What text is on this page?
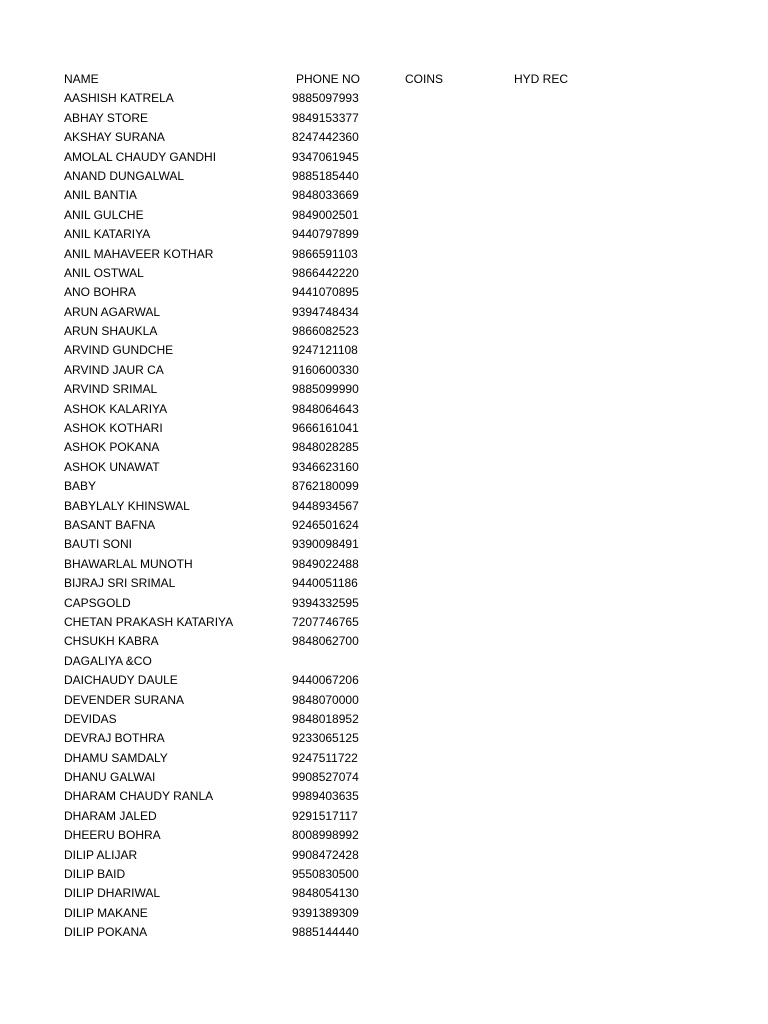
NAME	PHONE NO	COINS	HYD REC
AASHISH KATRELA	9885097993
ABHAY STORE	9849153377
AKSHAY SURANA	8247442360
AMOLAL CHAUDY GANDHI	9347061945
ANAND DUNGALWAL	9885185440
ANIL BANTIA	9848033669
ANIL GULCHE	9849002501
ANIL KATARIYA	9440797899
ANIL MAHAVEER KOTHAR	9866591103
ANIL OSTWAL	9866442220
ANO BOHRA	9441070895
ARUN AGARWAL	9394748434
ARUN SHAUKLA	9866082523
ARVIND GUNDCHE	9247121108
ARVIND JAUR CA	9160600330
ARVIND SRIMAL	9885099990
ASHOK KALARIYA	9848064643
ASHOK KOTHARI	9666161041
ASHOK POKANA	9848028285
ASHOK UNAWAT	9346623160
BABY	8762180099
BABYLALY KHINSWAL	9448934567
BASANT BAFNA	9246501624
BAUTI SONI	9390098491
BHAWARLAL MUNOTH	9849022488
BIJRAJ SRI SRIMAL	9440051186
CAPSGOLD	9394332595
CHETAN PRAKASH KATARIYA	7207746765
CHSUKH KABRA	9848062700
DAGALIYA &CO
DAICHAUDY DAULE	9440067206
DEVENDER SURANA	9848070000
DEVIDAS	9848018952
DEVRAJ BOTHRA	9233065125
DHAMU SAMDALY	9247511722
DHANU GALWAI	9908527074
DHARAM CHAUDY RANLA	9989403635
DHARAM JALED	9291517117
DHEERU BOHRA	8008998992
DILIP ALIJAR	9908472428
DILIP BAID	9550830500
DILIP DHARIWAL	9848054130
DILIP MAKANE	9391389309
DILIP POKANA	9885144440
